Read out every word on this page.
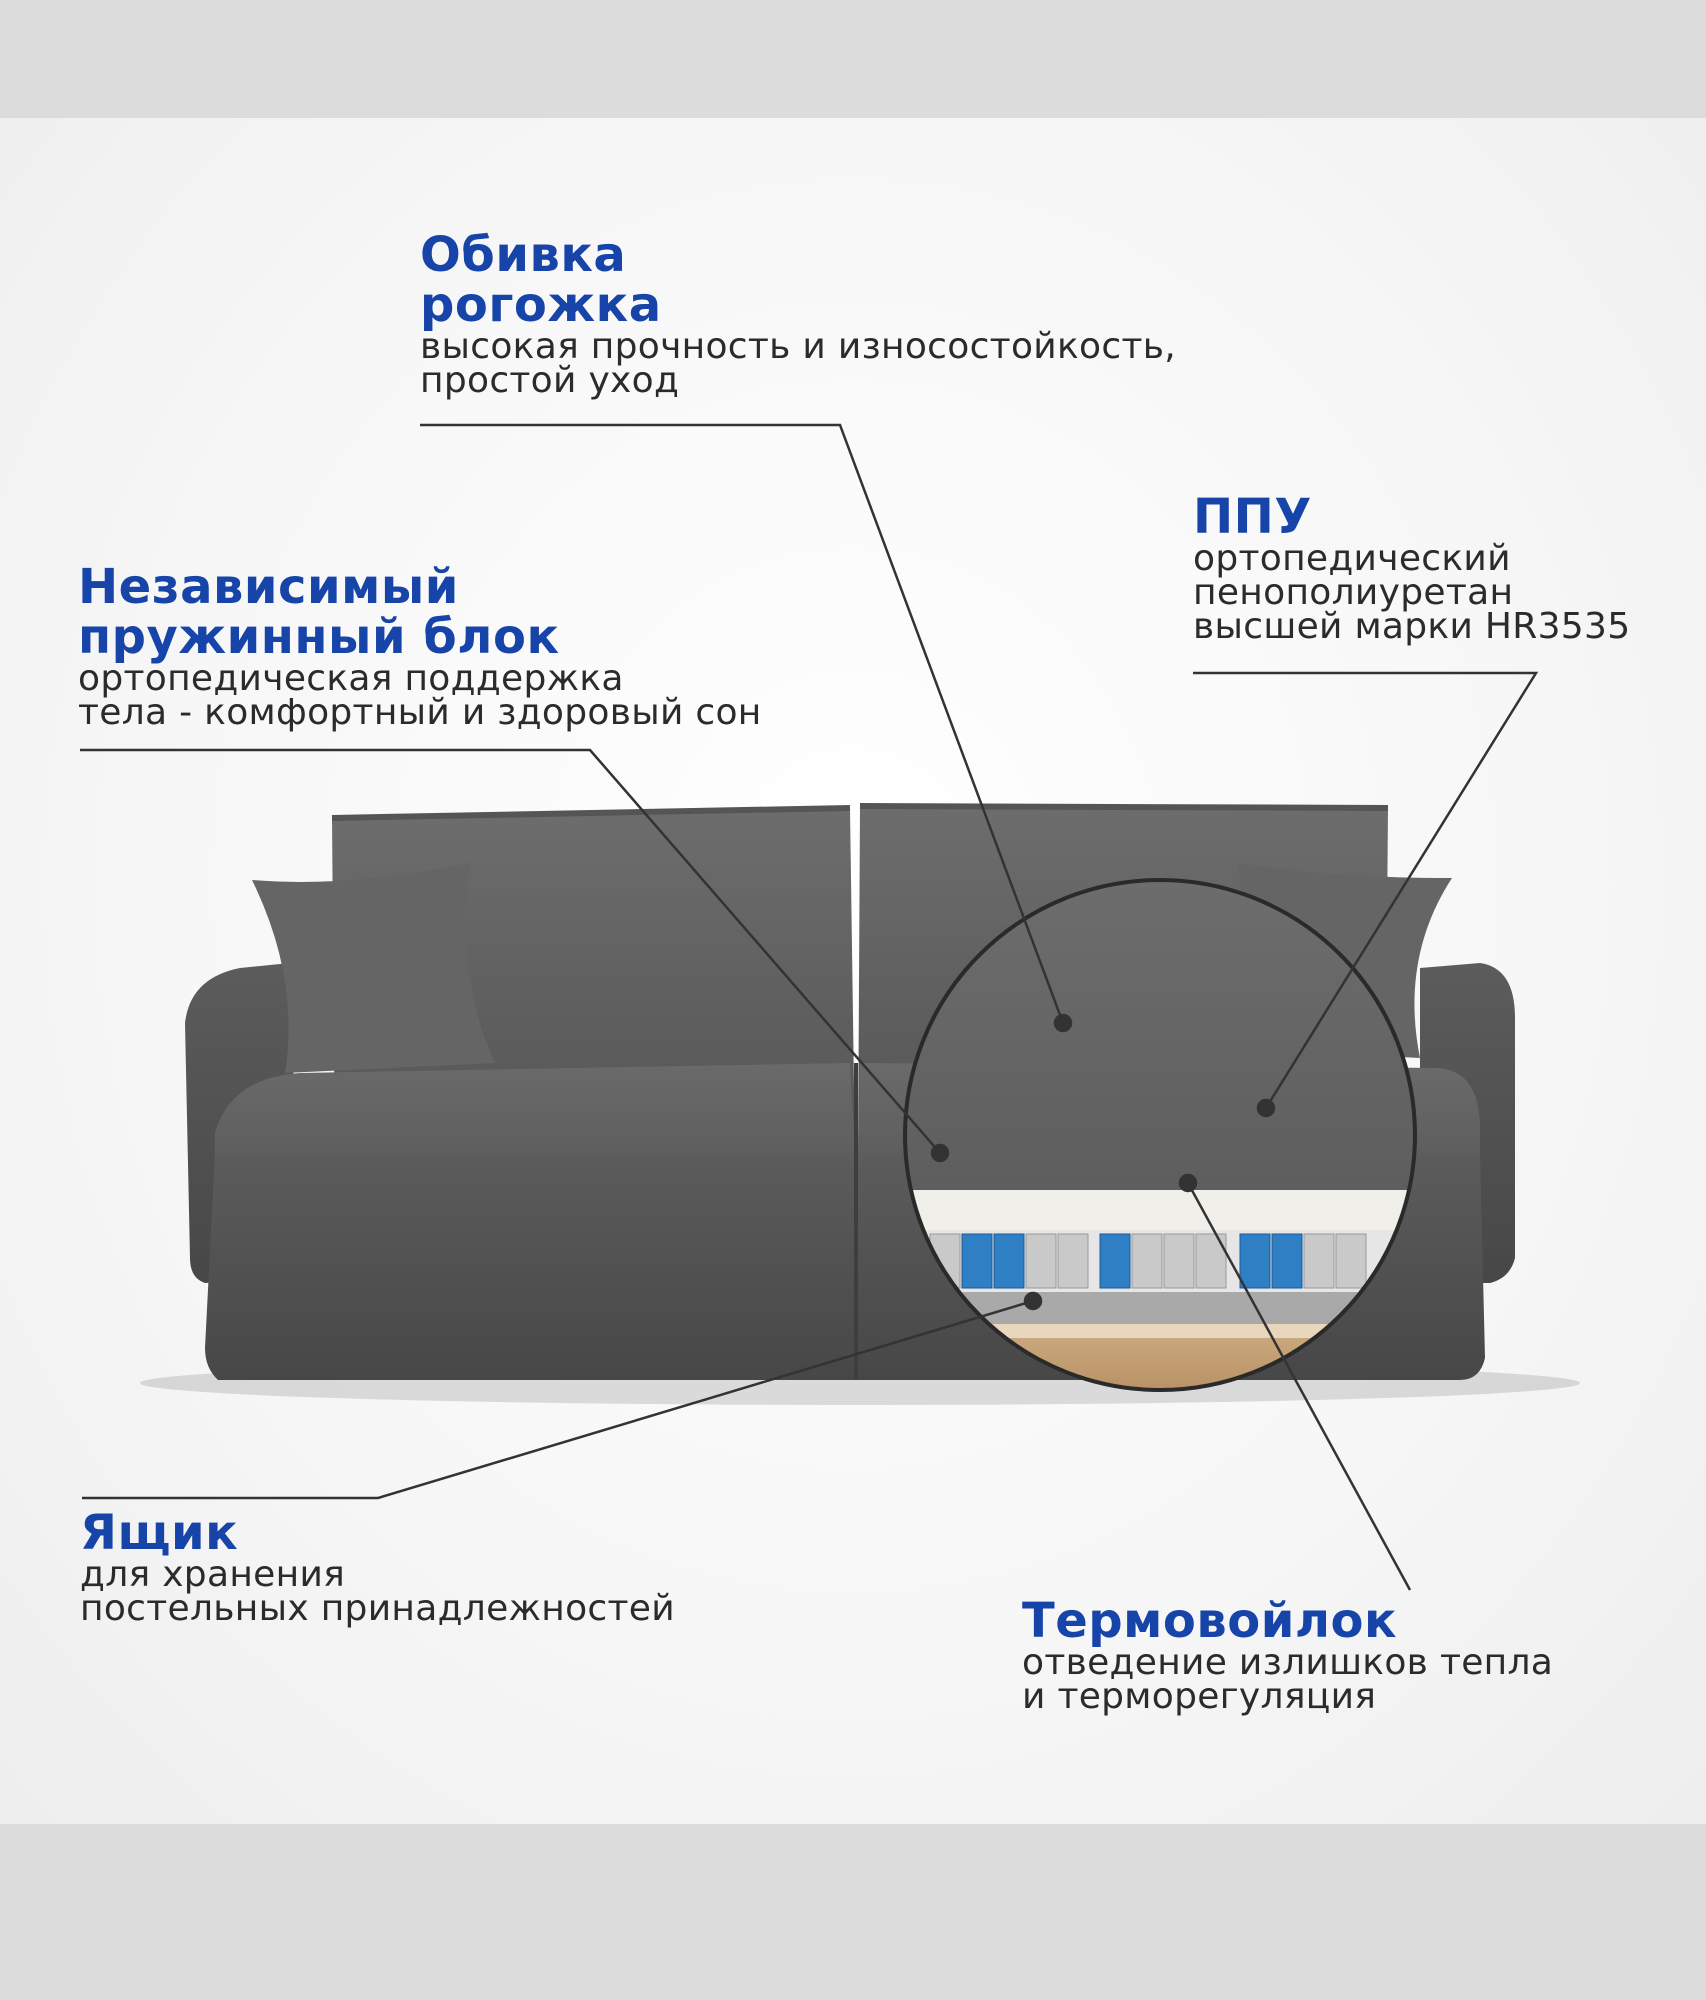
Обивка
рогожка
высокая прочность и износостойкость,
простой уход
ППУ
ортопедический
пенополиуретан
высшей марки HR3535
Независимый
пружинный блок
ортопедическая поддержка
тела - комфортный и здоровый сон
Ящик
для хранения
постельных принадлежностей	Термовойлок
отведение излишков тепла
и терморегуляция
